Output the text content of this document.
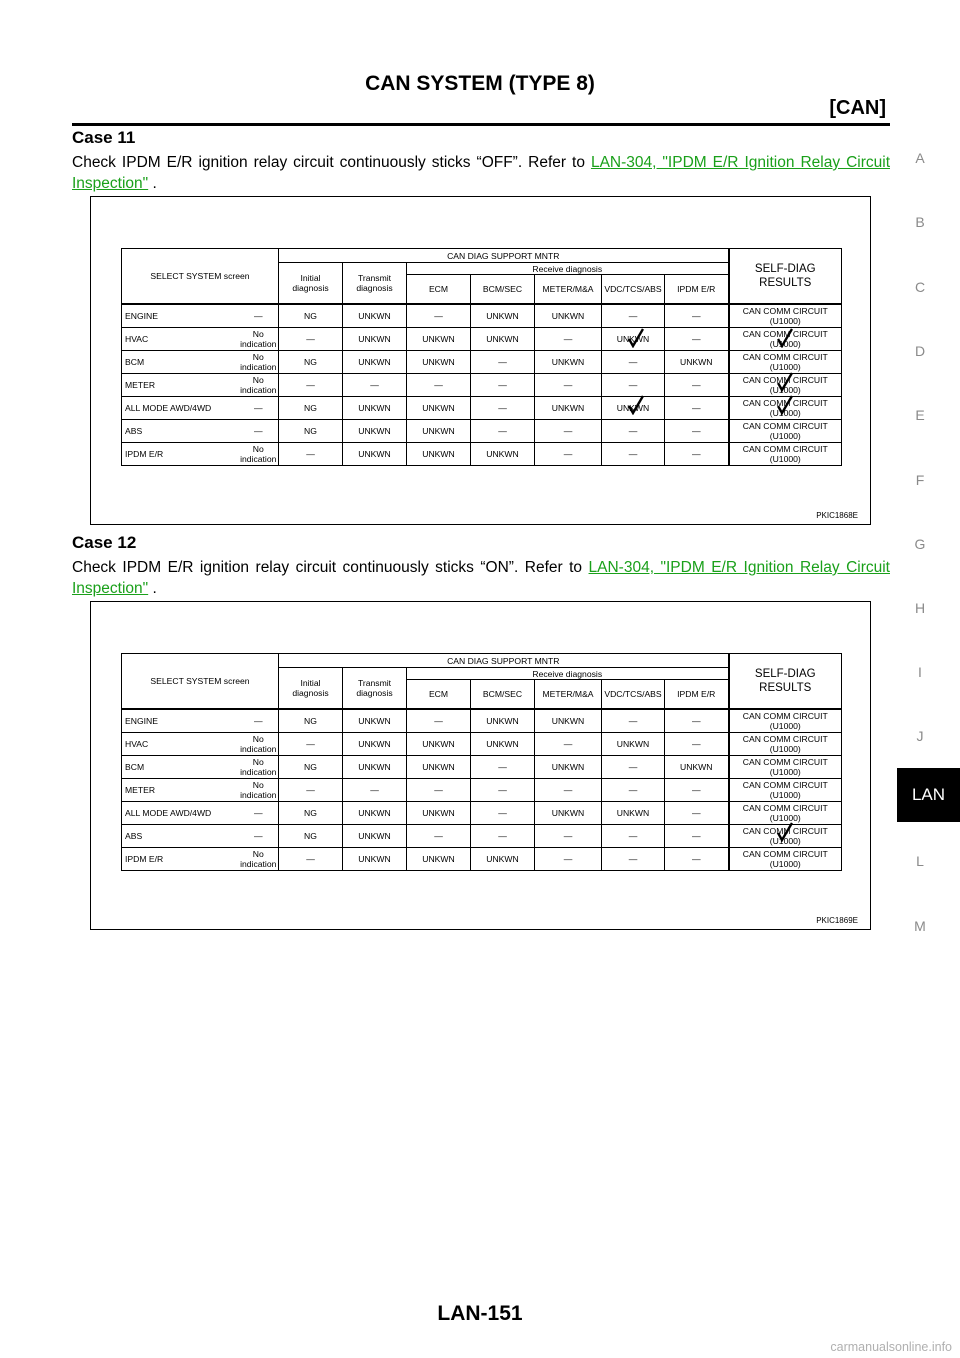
CAN SYSTEM (TYPE 8)
[CAN]
A
B
C
D
E
F
G
H
I
J
LAN
L
M
Case 11
Check IPDM E/R ignition relay circuit continuously sticks “OFF”. Refer to LAN-304, "IPDM E/R Ignition Relay Circuit Inspection" .
SELECT SYSTEM screen		CAN DIAG SUPPORT MNTR							SELF-DIAG
RESULTS
		Initial
diagnosis	Transmit
diagnosis	Receive diagnosis					
				ECM	BCM/SEC	METER/M&A	VDC/TCS/ABS	IPDM E/R	
ENGINE	—	NG	UNKWN	—	UNKWN	UNKWN	—	—	CAN COMM CIRCUIT
(U1000)
HVAC	No
indication	—	UNKWN	UNKWN	UNKWN	—	UNKWN	—	CAN COMM CIRCUIT
(U1000)
BCM	No
indication	NG	UNKWN	UNKWN	—	UNKWN	—	UNKWN	CAN COMM CIRCUIT
(U1000)
METER	No
indication	—	—	—	—	—	—	—	CAN COMM CIRCUIT
(U1000)
ALL MODE AWD/4WD	—	NG	UNKWN	UNKWN	—	UNKWN	UNKWN	—	CAN COMM CIRCUIT
(U1000)
ABS	—	NG	UNKWN	UNKWN	—	—	—	—	CAN COMM CIRCUIT
(U1000)
IPDM E/R	No
indication	—	UNKWN	UNKWN	UNKWN	—	—	—	CAN COMM CIRCUIT
(U1000)
PKIC1868E
Case 12
Check IPDM E/R ignition relay circuit continuously sticks “ON”. Refer to LAN-304, "IPDM E/R Ignition Relay Circuit Inspection" .
SELECT SYSTEM screen		CAN DIAG SUPPORT MNTR							SELF-DIAG
RESULTS
		Initial
diagnosis	Transmit
diagnosis	Receive diagnosis					
				ECM	BCM/SEC	METER/M&A	VDC/TCS/ABS	IPDM E/R	
ENGINE	—	NG	UNKWN	—	UNKWN	UNKWN	—	—	CAN COMM CIRCUIT
(U1000)
HVAC	No
indication	—	UNKWN	UNKWN	UNKWN	—	UNKWN	—	CAN COMM CIRCUIT
(U1000)
BCM	No
indication	NG	UNKWN	UNKWN	—	UNKWN	—	UNKWN	CAN COMM CIRCUIT
(U1000)
METER	No
indication	—	—	—	—	—	—	—	CAN COMM CIRCUIT
(U1000)
ALL MODE AWD/4WD	—	NG	UNKWN	UNKWN	—	UNKWN	UNKWN	—	CAN COMM CIRCUIT
(U1000)
ABS	—	NG	UNKWN	—	—	—	—	—	CAN COMM CIRCUIT
(U1000)
IPDM E/R	No
indication	—	UNKWN	UNKWN	UNKWN	—	—	—	CAN COMM CIRCUIT
(U1000)
PKIC1869E
LAN-151
carmanualsonline.info
